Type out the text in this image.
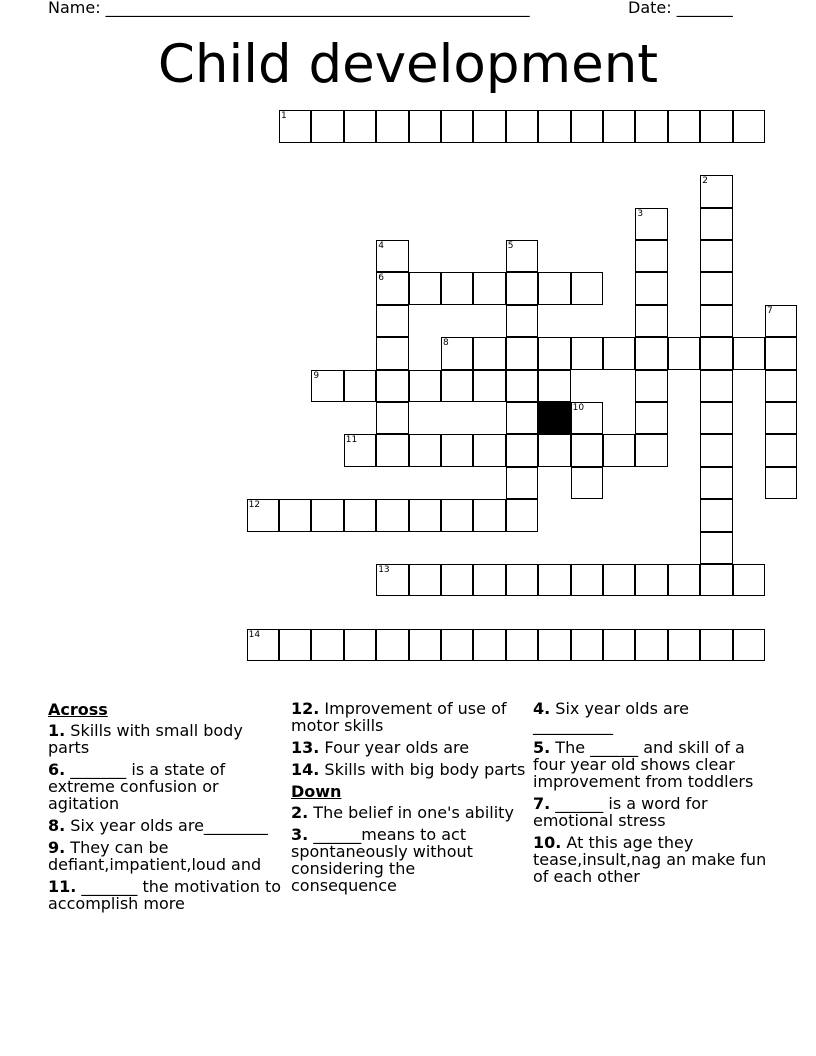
Name: _____________________________________________________	Date: _______
Child development
1
2
3
4
6
5
7
8
9
10
11
12
13
14
Across
1. Skills with small body parts
6. _______ is a state of extreme confusion or agitation
8. Six year olds are________
9. They can be defiant,impatient,loud and
11. _______ the motivation to accomplish more
12. Improvement of use of motor skills
13. Four year olds are
14. Skills with big body parts
Down
2. The belief in one's ability
3. ______means to act spontaneously without considering the consequence
4. Six year olds are __________
5. The ______ and skill of a four year old shows clear improvement from toddlers
7. ______ is a word for emotional stress
10. At this age they tease,insult,nag an make fun of each other
